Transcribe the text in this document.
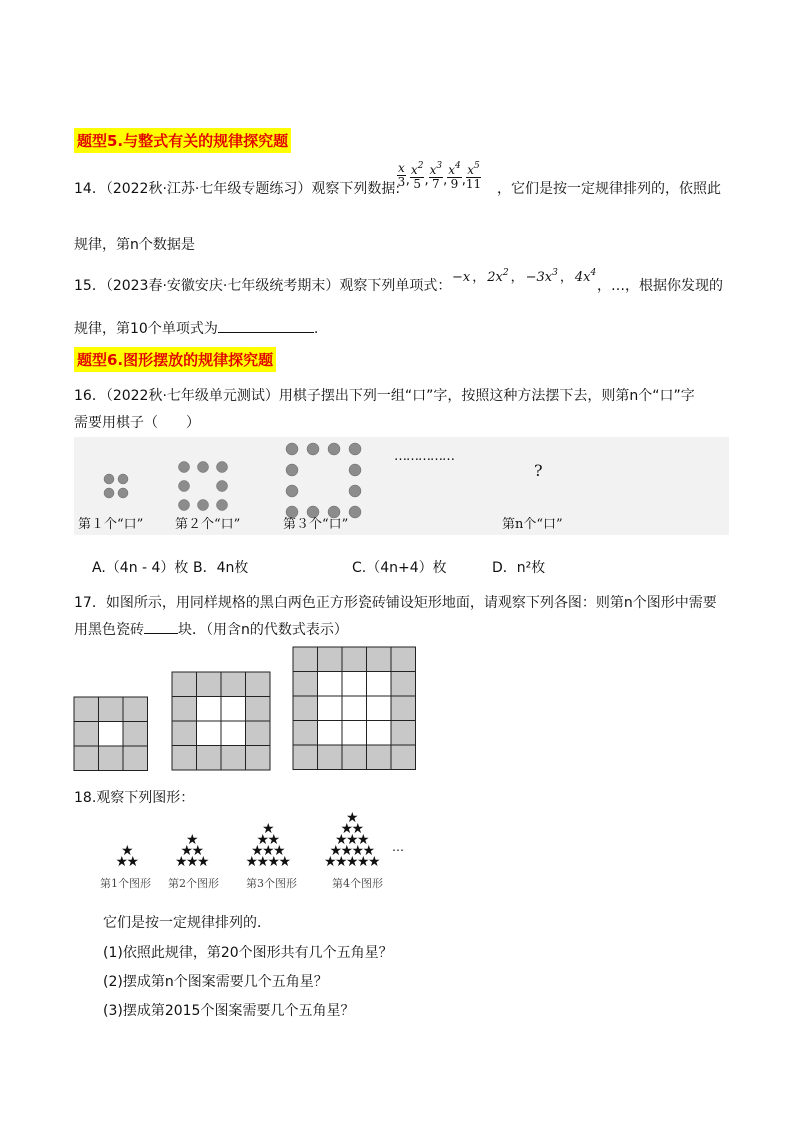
题型5.与整式有关的规律探究题
14．（2022秋·江苏·七年级专题练习）观察下列数据:
$\frac{x}{3} _, \frac{x^2}{5} _, \frac{x^3}{7} _, \frac{x^4}{9} _, \frac{x^5}{11}$ ，它们是按一定规律排列的，依照此
规律，第n个数据是
15．（2023春·安徽安庆·七年级统考期末）观察下列单项式：
−x ， $2x^2$ ， $-3x^3$ ， $4x^4$
，…，根据你发现的
规律，第10个单项式为	.
题型6.图形摆放的规律探究题
16．（2022秋·七年级单元测试）用棋子摆出下列一组“口”字，按照这种方法摆下去，则第n个“口”字
需要用棋子（　　）
……………
?
第１个“口” 第２个“口”	第３个“口”	第n个“口”
A.（4n - 4）枚 B．4n枚	C.（4n+4）枚	D．n²枚
17．如图所示，用同样规格的黑白两色正方形瓷砖铺设矩形地面，请观察下列各图：则第n个图形中需要
用黑色瓷砖 块．（用含n的代数式表示）
18.观察下列图形：
…
第1个图形 第2个图形 第3个图形	第4个图形
★
★
★
★
★
★
★
★
★
★
★
★
★
★
★
★
★
★
★
★
★
★
★
★
★
★
★
★
★
★
★
★
★
★
它们是按一定规律排列的．
(1)依照此规律，第20个图形共有几个五角星？
(2)摆成第n个图案需要几个五角星？
(3)摆成第2015个图案需要几个五角星？
